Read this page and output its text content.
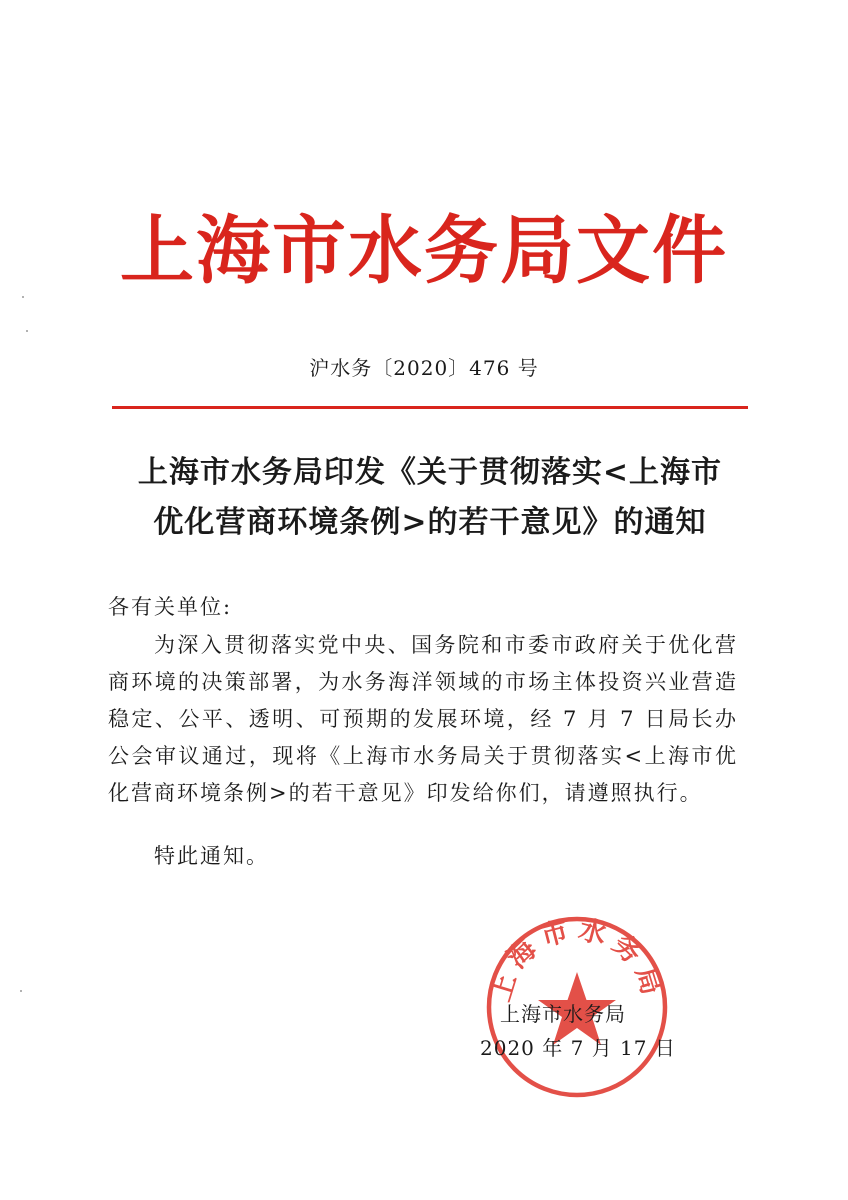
上海市水务局文件
沪水务〔2020〕476 号
上海市水务局印发《关于贯彻落实<上海市
优化营商环境条例>的若干意见》的通知
各有关单位:
为深入贯彻落实党中央、国务院和市委市政府关于优化营商环境的决策部署，为水务海洋领域的市场主体投资兴业营造稳定、公平、透明、可预期的发展环境，经 7 月 7 日局长办公会审议通过，现将《上海市水务局关于贯彻落实<上海市优化营商环境条例>的若干意见》印发给你们，请遵照执行。
特此通知。
上海市水务局
上海市水务局
2020 年 7 月 17 日
